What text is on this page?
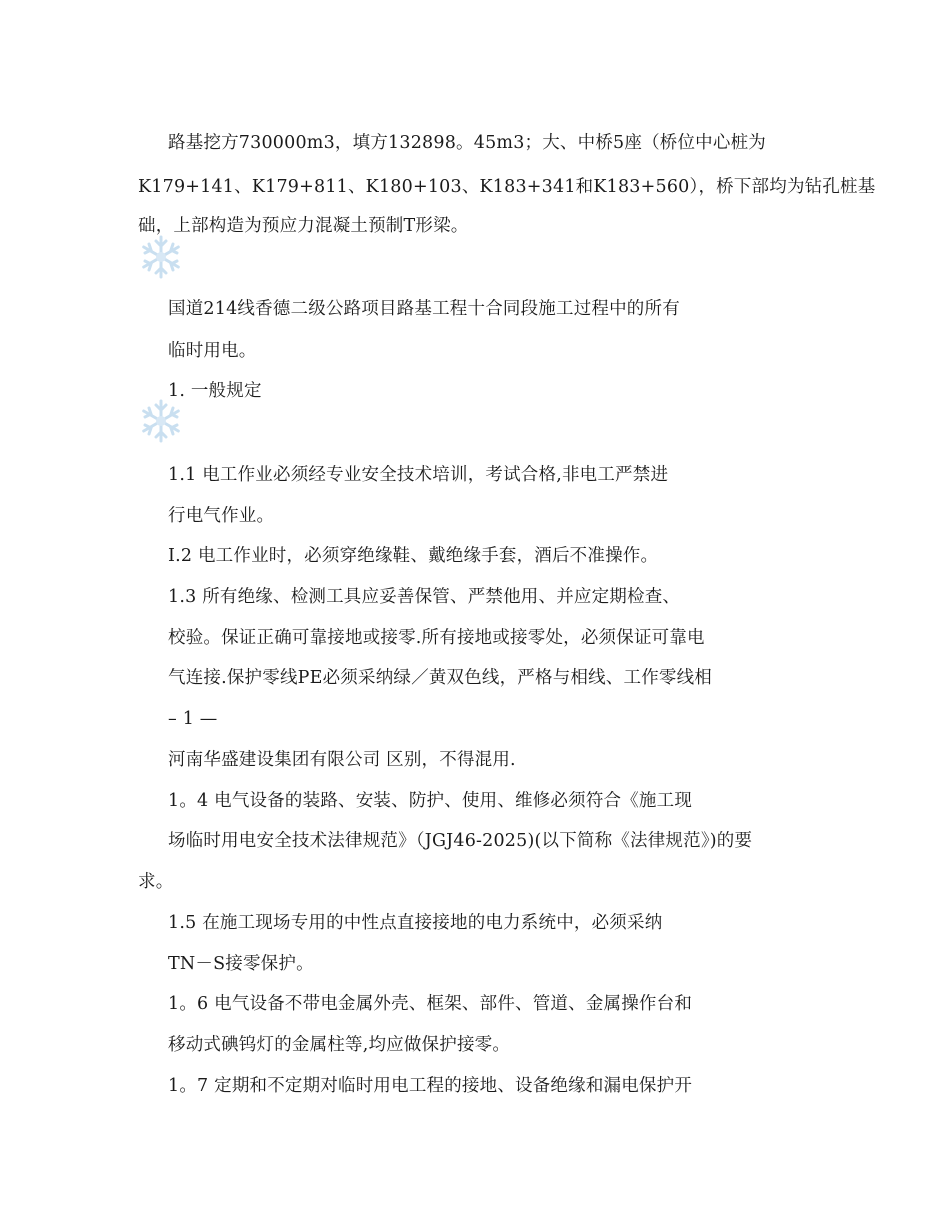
路基挖方730000m3，填方132898。45m3；大、中桥5座（桥位中心桩为
K179+141、K179+811、K180+103、K183+341和K183+560），桥下部均为钻孔桩基
础，上部构造为预应力混凝土预制T形梁。
国道214线香德二级公路项目路基工程十合同段施工过程中的所有
临时用电。
1. 一般规定
1.1 电工作业必须经专业安全技术培训，考试合格,非电工严禁进
行电气作业。
I.2 电工作业时，必须穿绝缘鞋、戴绝缘手套，酒后不准操作。
1.3 所有绝缘、检测工具应妥善保管、严禁他用、并应定期检查、
校验。保证正确可靠接地或接零.所有接地或接零处，必须保证可靠电
气连接.保护零线PE必须采纳绿／黄双色线，严格与相线、工作零线相
– 1 —
河南华盛建设集团有限公司 区别，不得混用.
1。4 电气设备的装路、安装、防护、使用、维修必须符合《施工现
场临时用电安全技术法律规范》（JGJ46-2025)(以下简称《法律规范》)的要
求。
1.5 在施工现场专用的中性点直接接地的电力系统中，必须采纳
TN－S接零保护。
1。6 电气设备不带电金属外壳、框架、部件、管道、金属操作台和
移动式碘钨灯的金属柱等,均应做保护接零。
1。7 定期和不定期对临时用电工程的接地、设备绝缘和漏电保护开
